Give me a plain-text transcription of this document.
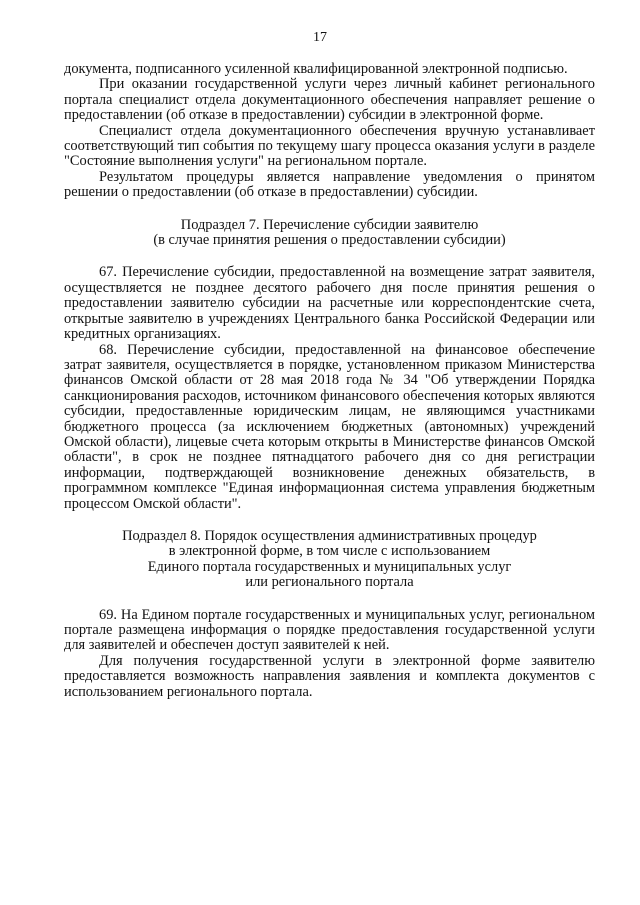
17

документа, подписанного усиленной квалифицированной электронной подписью.

При оказании государственной услуги через личный кабинет регионального портала специалист отдела документационного обеспечения направляет решение о предоставлении (об отказе в предоставлении) субсидии в электронной форме.

Специалист отдела документационного обеспечения вручную устанавливает соответствующий тип события по текущему шагу процесса оказания услуги в разделе "Состояние выполнения услуги" на региональном портале.

Результатом процедуры является направление уведомления о принятом решении о предоставлении (об отказе в предоставлении) субсидии.

Подраздел 7. Перечисление субсидии заявителю

(в случае принятия решения о предоставлении субсидии)

67. Перечисление субсидии, предоставленной на возмещение затрат заявителя, осуществляется не позднее десятого рабочего дня после принятия решения о предоставлении заявителю субсидии на расчетные или корреспондентские счета, открытые заявителю в учреждениях Центрального банка Российской Федерации или кредитных организациях.

68. Перечисление субсидии, предоставленной на финансовое обеспечение затрат заявителя, осуществляется в порядке, установленном приказом Министерства финансов Омской области от 28 мая 2018 года № 34 "Об утверждении Порядка санкционирования расходов, источником финансового обеспечения которых являются субсидии, предоставленные юридическим лицам, не являющимся участниками бюджетного процесса (за исключением бюджетных (автономных) учреждений Омской области), лицевые счета которым открыты в Министерстве финансов Омской области", в срок не позднее пятнадцатого рабочего дня со дня регистрации информации, подтверждающей возникновение денежных обязательств, в программном комплексе "Единая информационная система управления бюджетным процессом Омской области".

Подраздел 8. Порядок осуществления административных процедур

в электронной форме, в том числе с использованием

Единого портала государственных и муниципальных услуг

или регионального портала

69. На Едином портале государственных и муниципальных услуг, региональном портале размещена информация о порядке предоставления государственной услуги для заявителей и обеспечен доступ заявителей к ней.

Для получения государственной услуги в электронной форме заявителю предоставляется возможность направления заявления и комплекта документов с использованием регионального портала.
